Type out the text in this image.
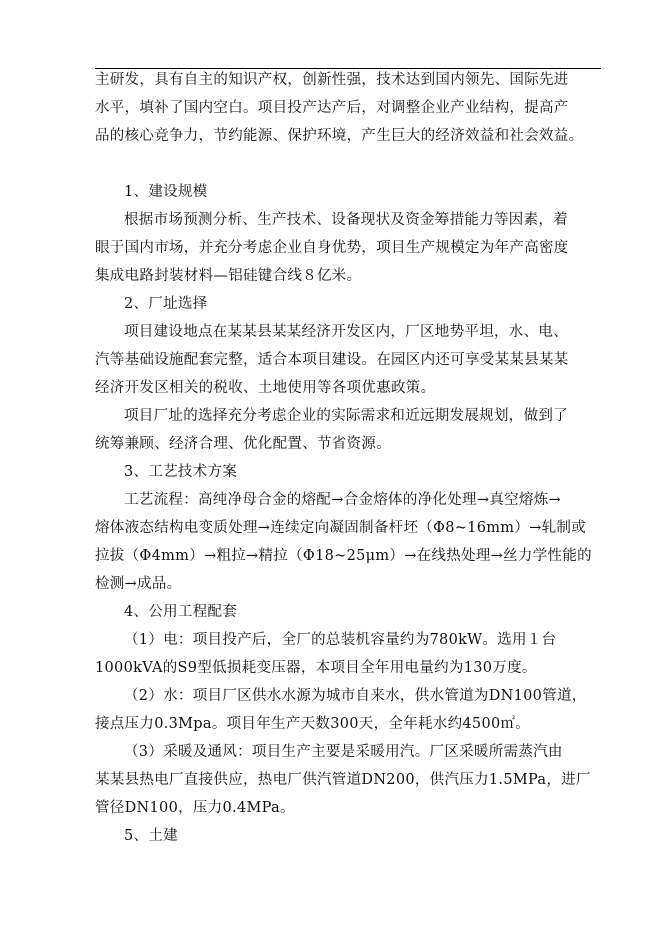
主研发，具有自主的知识产权，创新性强，技术达到国内领先、国际先进

水平，填补了国内空白。项目投产达产后，对调整企业产业结构，提高产

品的核心竞争力，节约能源、保护环境，产生巨大的经济效益和社会效益。

1、建设规模

根据市场预测分析、生产技术、设备现状及资金筹措能力等因素，着

眼于国内市场，并充分考虑企业自身优势，项目生产规模定为年产高密度

集成电路封装材料—铝硅键合线８亿米。

2、厂址选择

项目建设地点在某某县某某经济开发区内，厂区地势平坦，水、电、

汽等基础设施配套完整，适合本项目建设。在园区内还可享受某某县某某

经济开发区相关的税收、土地使用等各项优惠政策。

项目厂址的选择充分考虑企业的实际需求和近远期发展规划，做到了

统筹兼顾、经济合理、优化配置、节省资源。

3、工艺技术方案

工艺流程：高纯净母合金的熔配→合金熔体的净化处理→真空熔炼→

熔体液态结构电变质处理→连续定向凝固制备杆坯（Φ8~16mm）→轧制或

拉拔（Φ4mm）→粗拉→精拉（Φ18~25μm）→在线热处理→丝力学性能的

检测→成品。

4、公用工程配套

（1）电：项目投产后，全厂的总装机容量约为780kW。选用１台

1000kVA的S9型低损耗变压器，本项目全年用电量约为130万度。

（2）水：项目厂区供水水源为城市自来水，供水管道为DN100管道，

接点压力0.3Mpa。项目年生产天数300天，全年耗水约4500㎡。

（3）采暖及通风：项目生产主要是采暖用汽。厂区采暖所需蒸汽由

某某县热电厂直接供应，热电厂供汽管道DN200，供汽压力1.5MPa，进厂

管径DN100，压力0.4MPa。

5、土建
